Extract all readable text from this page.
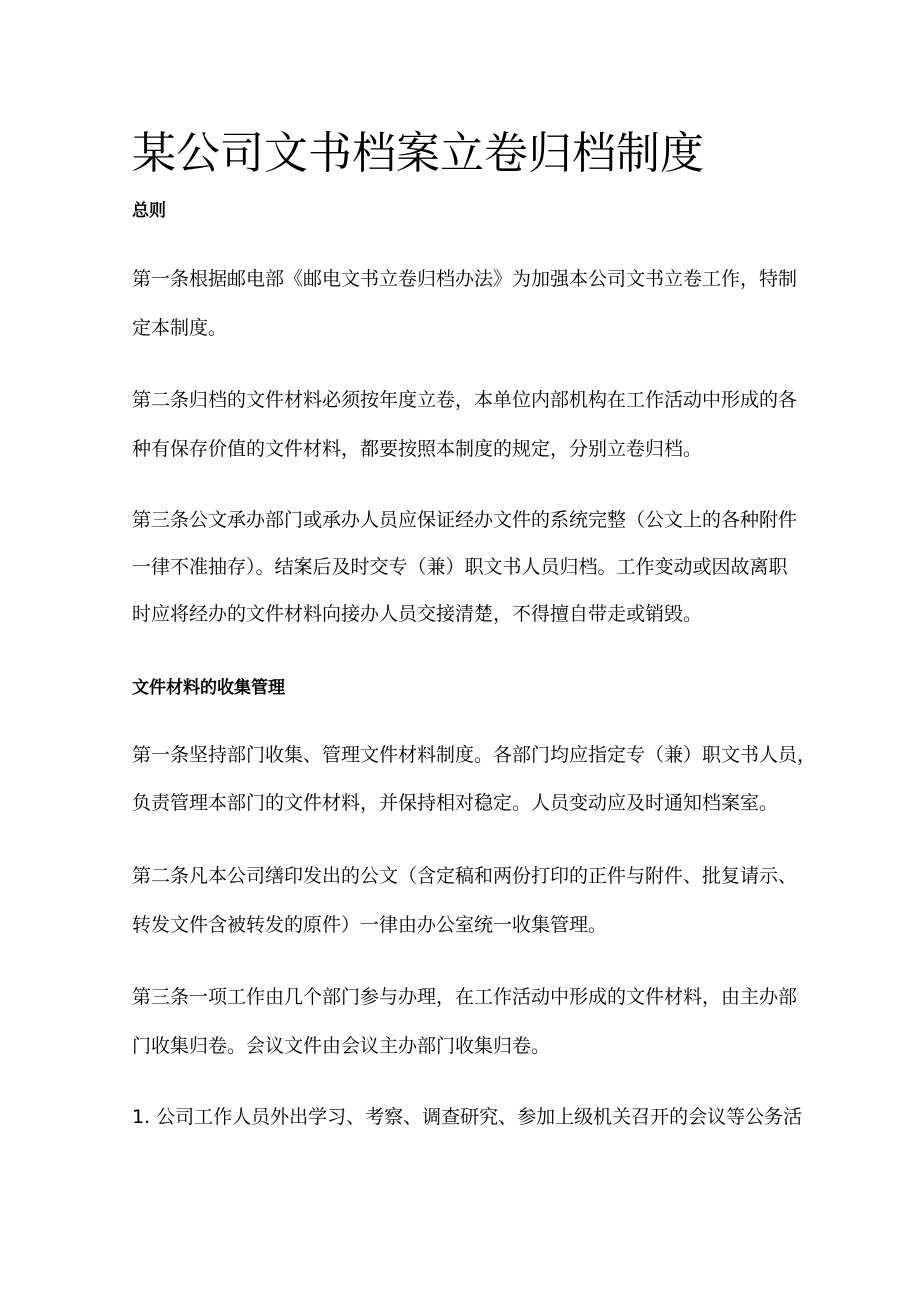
某公司文书档案立卷归档制度
总则

第一条根据邮电部《邮电文书立卷归档办法》为加强本公司文书立卷工作，特制
定本制度。

第二条归档的文件材料必须按年度立卷，本单位内部机构在工作活动中形成的各
种有保存价值的文件材料，都要按照本制度的规定，分别立卷归档。

第三条公文承办部门或承办人员应保证经办文件的系统完整（公文上的各种附件
一律不准抽存）。结案后及时交专（兼）职文书人员归档。工作变动或因故离职
时应将经办的文件材料向接办人员交接清楚，不得擅自带走或销毁。

文件材料的收集管理

第一条坚持部门收集、管理文件材料制度。各部门均应指定专（兼）职文书人员，
负责管理本部门的文件材料，并保持相对稳定。人员变动应及时通知档案室。

第二条凡本公司缮印发出的公文（含定稿和两份打印的正件与附件、批复请示、
转发文件含被转发的原件）一律由办公室统一收集管理。

第三条一项工作由几个部门参与办理，在工作活动中形成的文件材料，由主办部
门收集归卷。会议文件由会议主办部门收集归卷。

1. 公司工作人员外出学习、考察、调查研究、参加上级机关召开的会议等公务活
